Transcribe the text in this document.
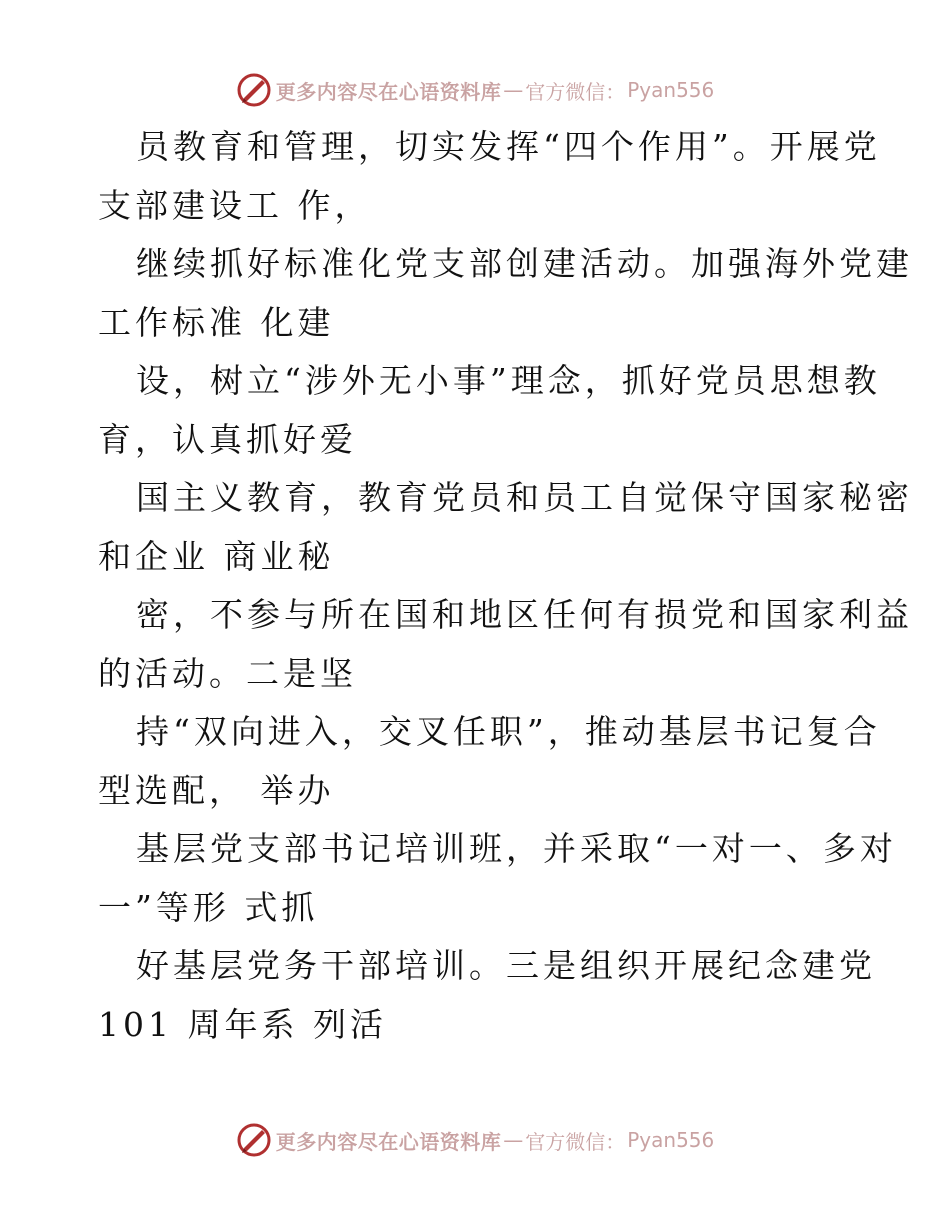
更多内容尽在心语资料库 — 官方微信： Pyan556
员教育和管理，切实发挥“四个作用”。开展党
支部建设工 作，
继续抓好标准化党支部创建活动。加强海外党建
工作标准 化建
设，树立“涉外无小事”理念，抓好党员思想教
育，认真抓好爱
国主义教育，教育党员和员工自觉保守国家秘密
和企业 商业秘
密，不参与所在国和地区任何有损党和国家利益
的活动。二是坚
持“双向进入，交叉任职”，推动基层书记复合
型选配， 举办
基层党支部书记培训班，并采取“一对一、多对
一”等形 式抓
好基层党务干部培训。三是组织开展纪念建党
101 周年系 列活
更多内容尽在心语资料库 — 官方微信： Pyan556
